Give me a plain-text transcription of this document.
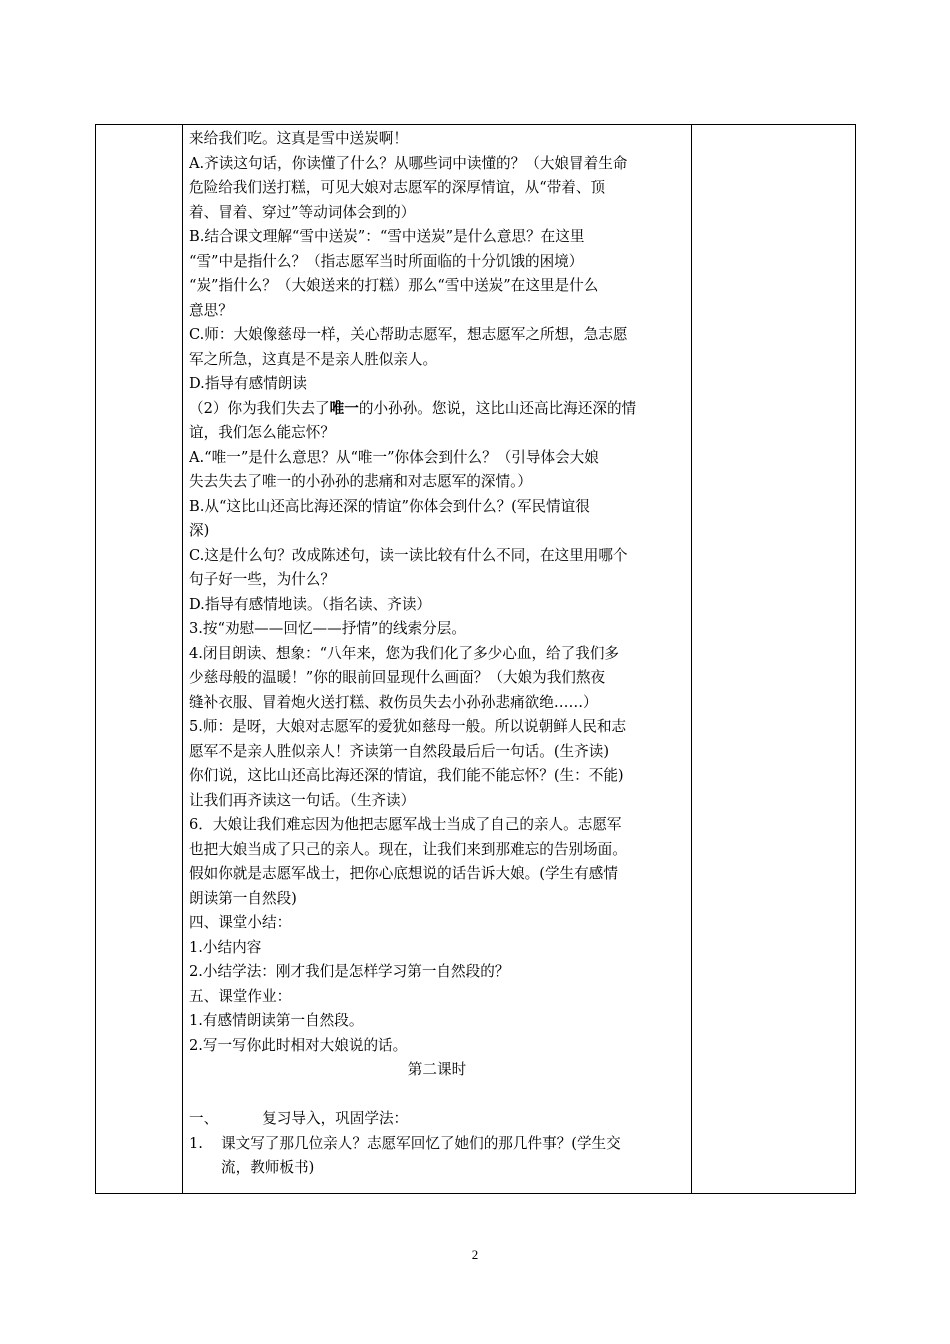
来给我们吃。这真是雪中送炭啊！
A.齐读这句话，你读懂了什么？从哪些词中读懂的？（大娘冒着生命
危险给我们送打糕，可见大娘对志愿军的深厚情谊，从“带着、顶
着、冒着、穿过”等动词体会到的）
B.结合课文理解“雪中送炭”：“雪中送炭”是什么意思？在这里
“雪”中是指什么？（指志愿军当时所面临的十分饥饿的困境）
“炭”指什么？（大娘送来的打糕）那么“雪中送炭”在这里是什么
意思？
C.师：大娘像慈母一样，关心帮助志愿军，想志愿军之所想，急志愿
军之所急，这真是不是亲人胜似亲人。
D.指导有感情朗读
（2）你为我们失去了唯一的小孙孙。您说，这比山还高比海还深的情
谊，我们怎么能忘怀？
A.“唯一”是什么意思？从“唯一”你体会到什么？（引导体会大娘
失去失去了唯一的小孙孙的悲痛和对志愿军的深情。）
B.从“这比山还高比海还深的情谊”你体会到什么？(军民情谊很
深)
C.这是什么句？改成陈述句，读一读比较有什么不同，在这里用哪个
句子好一些，为什么？
D.指导有感情地读。（指名读、齐读）
3.按“劝慰——回忆——抒情”的线索分层。
4.闭目朗读、想象：“八年来，您为我们化了多少心血，给了我们多
少慈母般的温暖！”你的眼前回显现什么画面？（大娘为我们熬夜
缝补衣服、冒着炮火送打糕、救伤员失去小孙孙悲痛欲绝……）
5.师：是呀，大娘对志愿军的爱犹如慈母一般。所以说朝鲜人民和志
愿军不是亲人胜似亲人！齐读第一自然段最后后一句话。(生齐读)
你们说，这比山还高比海还深的情谊，我们能不能忘怀？(生：不能)
让我们再齐读这一句话。（生齐读）
6．大娘让我们难忘因为他把志愿军战士当成了自己的亲人。志愿军
也把大娘当成了只己的亲人。现在，让我们来到那难忘的告别场面。
假如你就是志愿军战士，把你心底想说的话告诉大娘。(学生有感情
朗读第一自然段)
四、课堂小结：
1.小结内容
2.小结学法：刚才我们是怎样学习第一自然段的？
五、课堂作业：
1.有感情朗读第一自然段。
2.写一写你此时相对大娘说的话。
第二课时
一、	复习导入，巩固学法：
1.	课文写了那几位亲人？志愿军回忆了她们的那几件事？(学生交
流，教师板书)
2
